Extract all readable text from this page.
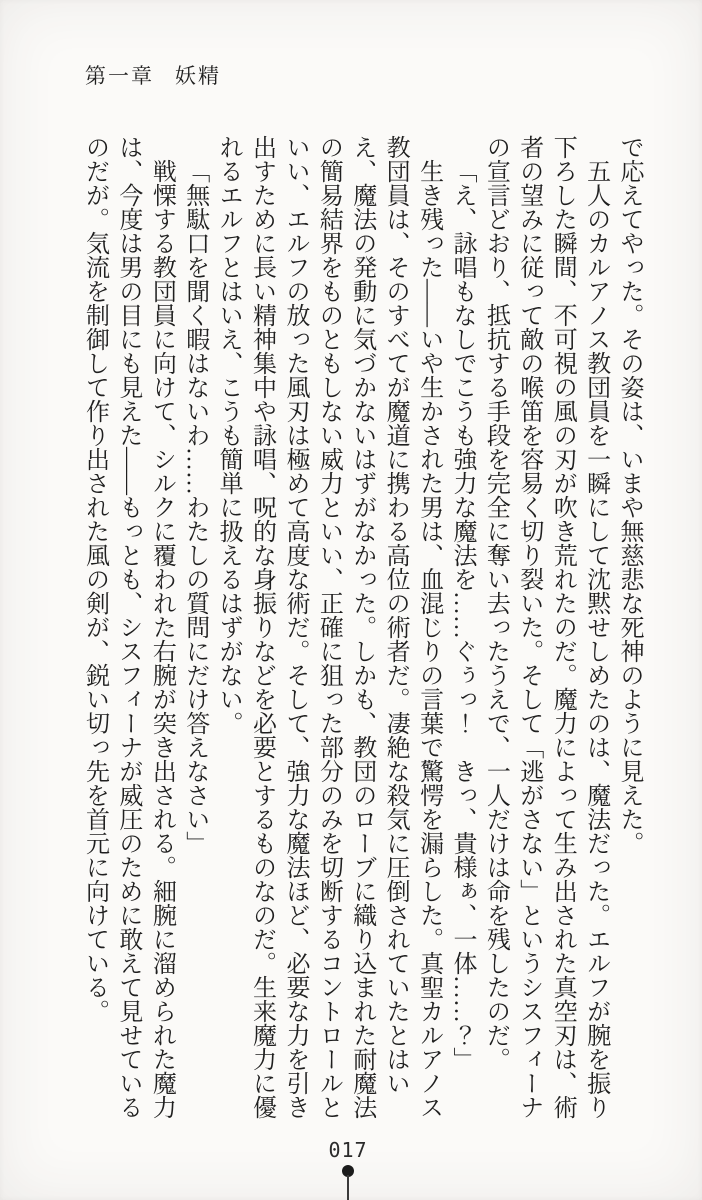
第一章 妖精

で応えてやった。その姿は、いまや無慈悲な死神のように見えた。

五人のカルアノス教団員を一瞬にして沈黙せしめたのは、魔法だった。エルフが腕を振り下ろした瞬間、不可視の風の刃が吹き荒れたのだ。魔力によって生み出された真空刃は、術者の望みに従って敵の喉笛を容易く切り裂いた。そして「逃がさない」というシスフィーナの宣言どおり、抵抗する手段を完全に奪い去ったうえで、一人だけは命を残したのだ。

「え、詠唱もなしでこうも強力な魔法を……ぐぅっ！　きっ、貴様ぁ、一体……？」

生き残った――いや生かされた男は、血混じりの言葉で驚愕を漏らした。真聖カルアノス教団員は、そのすべてが魔道に携わる高位の術者だ。凄絶な殺気に圧倒されていたとはいえ、魔法の発動に気づかないはずがなかった。しかも、教団のローブに織り込まれた耐魔法の簡易結界をものともしない威力といい、正確に狙った部分のみを切断するコントロールといい、エルフの放った風刃は極めて高度な術だ。そして、強力な魔法ほど、必要な力を引き出すために長い精神集中や詠唱、呪的な身振りなどを必要とするものなのだ。生来魔力に優れるエルフとはいえ、こうも簡単に扱えるはずがない。

「無駄口を聞く暇はないわ……わたしの質問にだけ答えなさい」

戦慄する教団員に向けて、シルクに覆われた右腕が突き出される。細腕に溜められた魔力は、今度は男の目にも見えた――もっとも、シスフィーナが威圧のために敢えて見せているのだが。気流を制御して作り出された風の剣が、鋭い切っ先を首元に向けている。

017
